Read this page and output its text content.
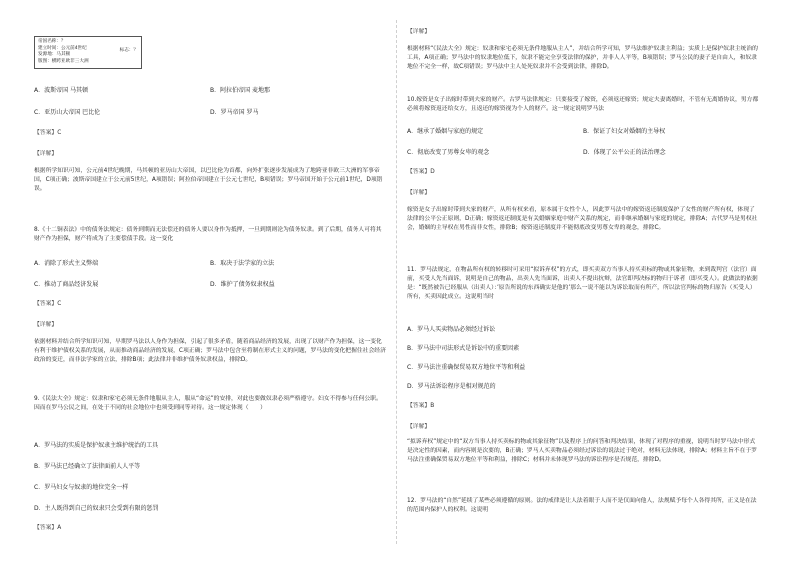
帝国名称：？
建立时间：公元前4世纪
发源地：马其顿
版图：横跨亚欧非三大洲
标志：？
A．波斯帝国 马其顿	B．阿拉伯帝国 麦地那
C．亚历山大帝国 巴比伦	D．罗马帝国 罗马
【答案】C
【详解】
根据所学知识可知，公元前4世纪晚期，马其顿的亚历山大帝国，以巴比伦为首都，向外扩张逐步发展成为了地跨亚非欧三大洲的军事帝国，C项正确；波斯帝国建立于公元前5世纪，A项错误；阿拉伯帝国建立于公元七世纪，B项错误；罗马帝国开始于公元前1世纪，D项错误。
8.《十二铜表法》中的债务法规定：债务到期而无法偿还的债务人要以身作为抵押，一旦到期则沦为债务奴隶。到了后期，债务人可将其财产作为担保，财产将成为了主要偿债手段。这一变化
A．消除了形式主义弊端	B．取决于法学家的立法
C．推动了商品经济发展	D．维护了债务奴隶权益
【答案】C
【详解】
依据材料并结合所学知识可知，早期罗马法以人身作为担保，引起了很多矛盾，随着商品经济的发展，出现了以财产作为担保，这一变化有利于维护债权关系的发展，从而推动商品经济的发展，C项正确；罗马法中包含至将制在形式主义的问题，罗马法的变化把握住社会经济政治的变迁，而非法学家的立法，排除B项；此法律并非维护债务奴隶权益，排除D。
9.《民法大全》规定：奴隶和家宅必须无条件地服从主人，服从“命运”的安排，对此也要做奴隶必须严格遵守。妇女不得参与任何公职。因而在罗马公民之间，在处于不同的社会地位中也须受到同等对待。这一规定体现（　　）
A．罗马法的实质是保护奴隶主维护统治的工具
B．罗马法已经确立了法律面前人人平等
C．罗马妇女与奴隶的地位完全一样
D．主人既得到自己的奴隶只会受到有限的惩罚
【答案】A
【详解】
根据材料“《民法大全》规定：奴隶和家宅必须无条件地服从主人”，并结合所学可知，罗马法维护奴隶主利益；实质上是保护奴隶主统治的工具，A项正确；罗马法中的奴隶地位低下，奴隶不能完全享受法律的保护，并非人人平等，B项错误；罗马公民的妻子是自由人，和奴隶地位不完全一样，故C项错误；罗马法中主人处死奴隶并不会受到法律，排除D。
10.嫁资是女子出嫁时带到夫家的财产。古罗马法律规定：只要接受了嫁资，必须返还嫁资；规定夫妻离婚时，不管有无离婚协议，男方都必须将嫁资返还给女方，且返还的嫁资视为个人的财产。这一规定说明罗马法
A．继承了婚姻与家庭的规定	B．保证了妇女对婚姻的主导权
C．彻底改变了男尊女卑的观念	D．体现了公平公正的法治理念
【答案】D
【详解】
嫁资是女子出嫁时带到夫家的财产，从所有权来看，原本属于女性个人，因此罗马法中的嫁资返还制度保护了女性的财产所有权，体现了法律的公平公正原则，D正确；嫁资返还制度是有关婚姻家庭中财产关系的规定，而非继承婚姻与家庭的规定，排除A；古代罗马是男权社会，婚姻的主导权在男性而非女性，排除B；嫁资返还制度并不能彻底改变男尊女卑的观念，排除C。
11．罗马法规定，在物品所有权的转移时可采用“拟诉弃权”的方式，即买卖双方当事人持买卖标的物或其象征物，来到裁判官（法官）面前，买受人先当面诉，说明是自己的物品，出卖人先当面诉，出卖人不提出抗辩，法官即判决标的物归于诉者（即买受人）。此做法的依据是：“既然被告已经服从（出卖人）：’原告所说的东西确实是他的’那么一说不能以为诉讼取而有所产，所以法官判标的物归原告（买受人）所有，买卖因此成立。这说明当时
A．罗马人买卖物品必须经过诉讼
B．罗马法中司法形式是诉讼中的重要因素
C．罗马法注重确保贸易双方地位平等和利益
D．罗马法诉讼程序是相对规范的
【答案】B
【详解】
“拟诉弃权”规定中的“双方当事人持买卖标的物或其象征物”以及程序上的问答和判决结果，体现了对程序的重视，说明当时罗马法中形式是决定性的因素，而内容则是次要的，B正确；罗马人买卖物品必须经过诉讼的说法过于绝对，材料无法体现，排除A；材料主旨不在于罗马法注重确保贸易双方地位平等和利益，排除C；材料并未体现罗马法的诉讼程序是否规范，排除D。
12．罗马法的“自然”延续了某些必须遵循的原则。法的戒律是让人法着眼于人而不是仅面向他人，法规赋予每个人各得其所，正义是在法的范围内保护人的权利。这说明
